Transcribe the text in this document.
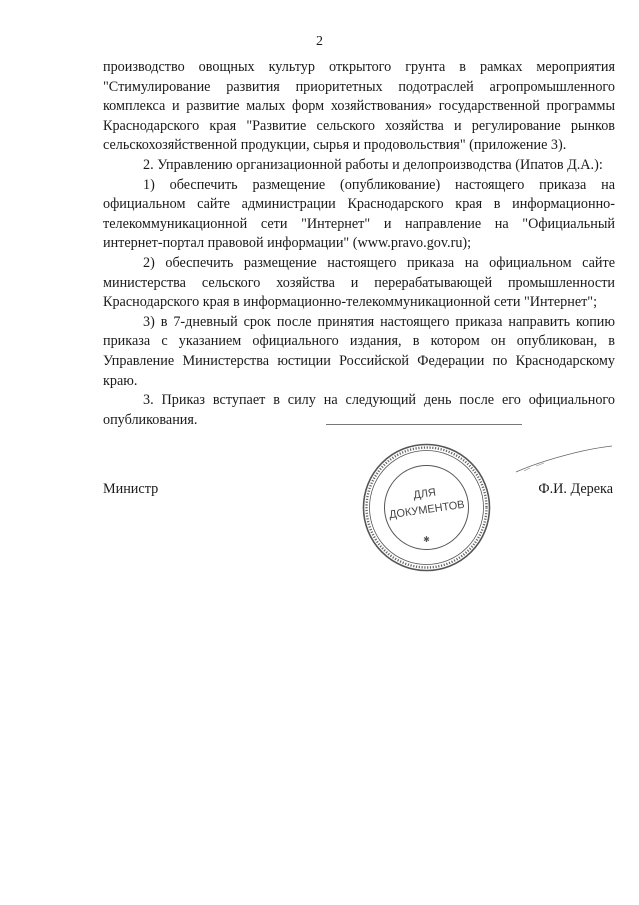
2

производство овощных культур открытого грунта в рамках мероприятия "Стимулирование развития приоритетных подотраслей агропромышленного комплекса и развитие малых форм хозяйствования» государственной программы Краснодарского края "Развитие сельского хозяйства и регулирование рынков сельскохозяйственной продукции, сырья и продовольствия" (приложение 3).

2. Управлению организационной работы и делопроизводства (Ипатов Д.А.):

1) обеспечить размещение (опубликование) настоящего приказа на официальном сайте администрации Краснодарского края в информационно-телекоммуникационной сети "Интернет" и направление на "Официальный интернет-портал правовой информации" (www.pravo.gov.ru);

2) обеспечить размещение настоящего приказа на официальном сайте министерства сельского хозяйства и перерабатывающей промышленности Краснодарского края в информационно-телекоммуникационной сети "Интернет";

3) в 7-дневный срок после принятия настоящего приказа направить копию приказа с указанием официального издания, в котором он опубликован, в Управление Министерства юстиции Российской Федерации по Краснодарскому краю.

3. Приказ вступает в силу на следующий день после его официального опубликования.

Министр	Ф.И. Дерека
ДЛЯ
ДОКУМЕНТОВ
✱
